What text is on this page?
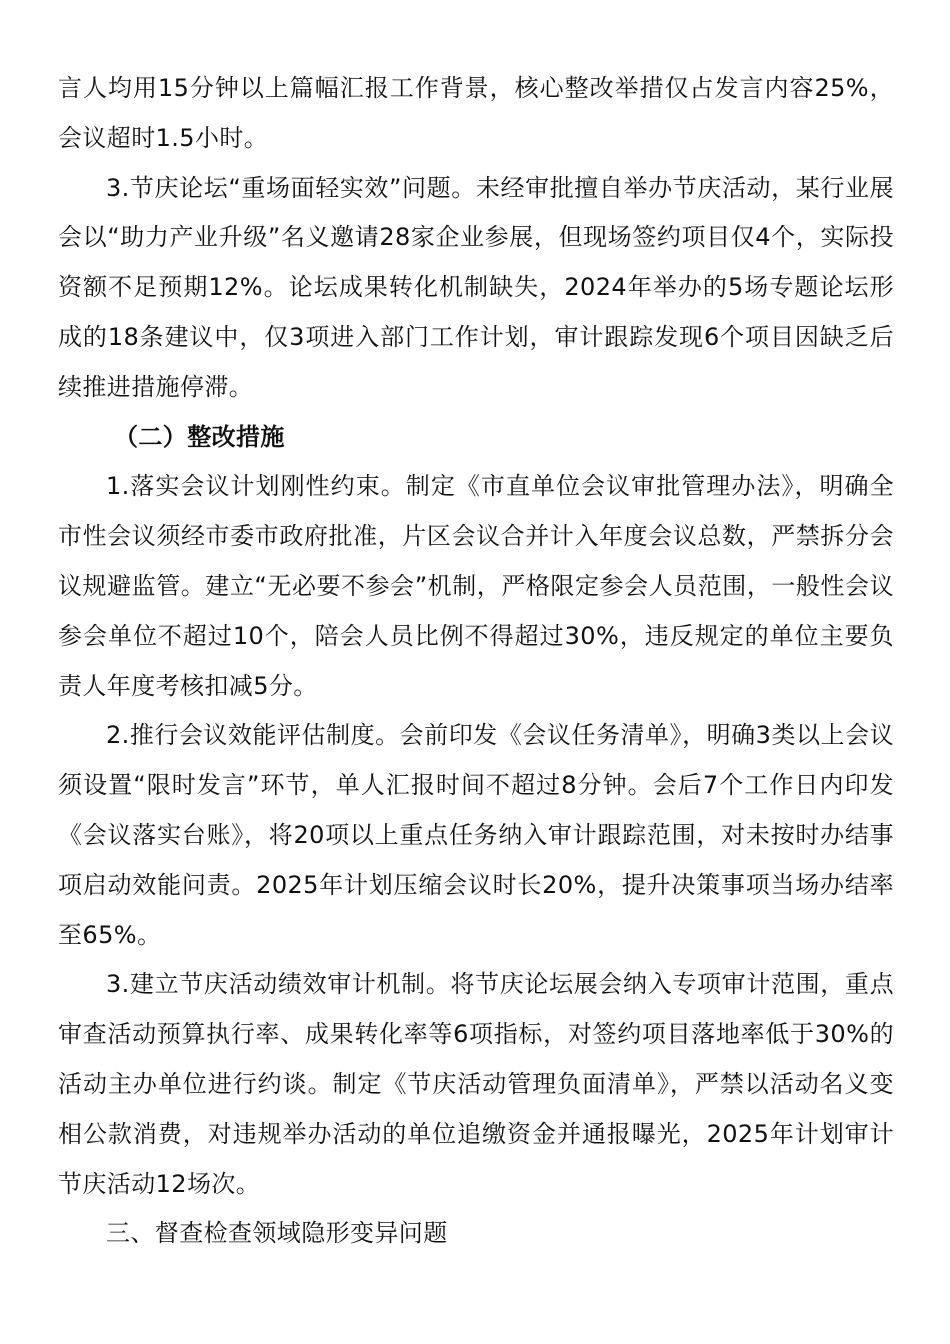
言人均用15分钟以上篇幅汇报工作背景，核心整改举措仅占发言内容25%，会议超时1.5小时。

3.节庆论坛“重场面轻实效”问题。未经审批擅自举办节庆活动，某行业展会以“助力产业升级”名义邀请28家企业参展，但现场签约项目仅4个，实际投资额不足预期12%。论坛成果转化机制缺失，2024年举办的5场专题论坛形成的18条建议中，仅3项进入部门工作计划，审计跟踪发现6个项目因缺乏后续推进措施停滞。

（二）整改措施

1.落实会议计划刚性约束。制定《市直单位会议审批管理办法》，明确全市性会议须经市委市政府批准，片区会议合并计入年度会议总数，严禁拆分会议规避监管。建立“无必要不参会”机制，严格限定参会人员范围，一般性会议参会单位不超过10个，陪会人员比例不得超过30%，违反规定的单位主要负责人年度考核扣减5分。

2.推行会议效能评估制度。会前印发《会议任务清单》，明确3类以上会议须设置“限时发言”环节，单人汇报时间不超过8分钟。会后7个工作日内印发《会议落实台账》，将20项以上重点任务纳入审计跟踪范围，对未按时办结事项启动效能问责。2025年计划压缩会议时长20%，提升决策事项当场办结率至65%。

3.建立节庆活动绩效审计机制。将节庆论坛展会纳入专项审计范围，重点审查活动预算执行率、成果转化率等6项指标，对签约项目落地率低于30%的活动主办单位进行约谈。制定《节庆活动管理负面清单》，严禁以活动名义变相公款消费，对违规举办活动的单位追缴资金并通报曝光，2025年计划审计节庆活动12场次。

三、督查检查领域隐形变异问题
